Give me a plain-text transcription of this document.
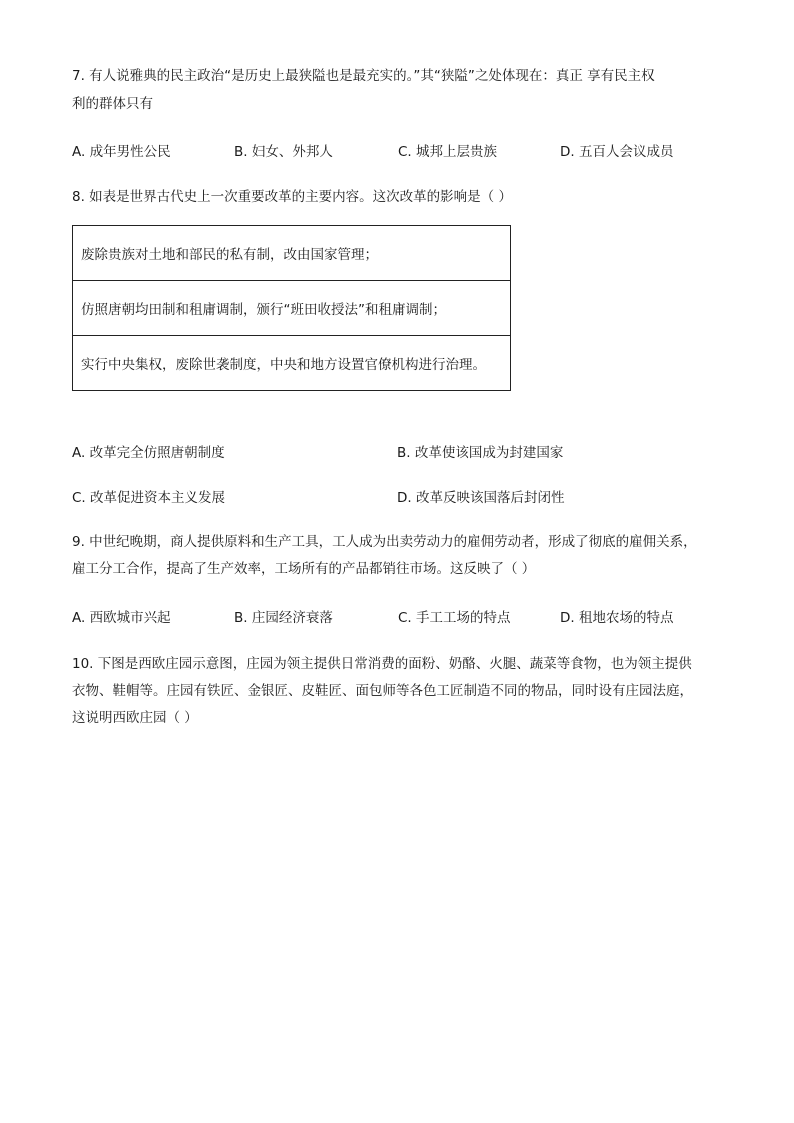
7. 有人说雅典的民主政治“是历史上最狭隘也是最充实的。”其“狭隘”之处体现在：真正 享有民主权

利的群体只有

A. 成年男性公民	B. 妇女、外邦人	C. 城邦上层贵族	D. 五百人会议成员

8. 如表是世界古代史上一次重要改革的主要内容。这次改革的影响是（ ）

废除贵族对土地和部民的私有制，改由国家管理；
仿照唐朝均田制和租庸调制，颁行“班田收授法”和租庸调制；
实行中央集权，废除世袭制度，中央和地方设置官僚机构进行治理。
A. 改革完全仿照唐朝制度	B. 改革使该国成为封建国家
C. 改革促进资本主义发展	D. 改革反映该国落后封闭性

9. 中世纪晚期，商人提供原料和生产工具，工人成为出卖劳动力的雇佣劳动者，形成了彻底的雇佣关系，

雇工分工合作，提高了生产效率，工场所有的产品都销往市场。这反映了（ ）

A. 西欧城市兴起	B. 庄园经济衰落	C. 手工工场的特点	D. 租地农场的特点

10. 下图是西欧庄园示意图，庄园为领主提供日常消费的面粉、奶酪、火腿、蔬菜等食物，也为领主提供

衣物、鞋帽等。庄园有铁匠、金银匠、皮鞋匠、面包师等各色工匠制造不同的物品，同时设有庄园法庭，

这说明西欧庄园（ ）
